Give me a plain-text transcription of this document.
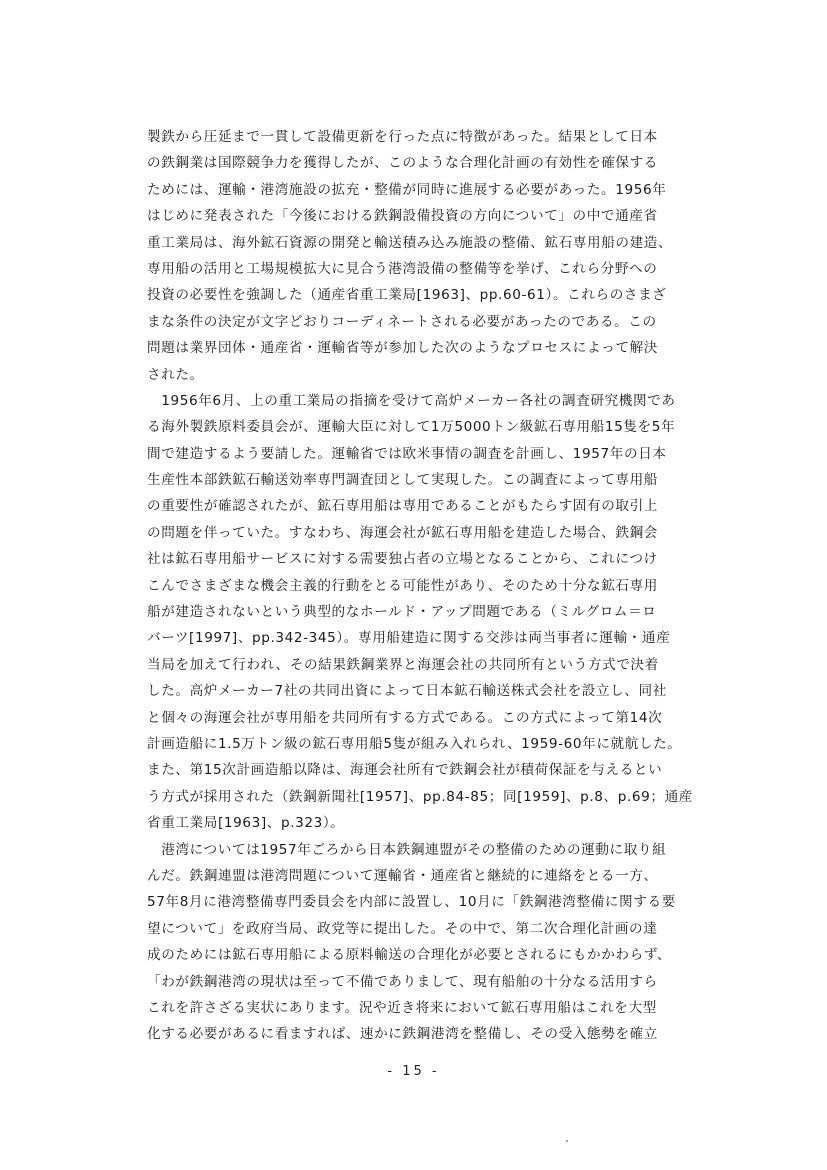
製鉄から圧延まで一貫して設備更新を行った点に特徴があった。結果として日本
の鉄鋼業は国際競争力を獲得したが、このような合理化計画の有効性を確保する
ためには、運輸・港湾施設の拡充・整備が同時に進展する必要があった。1956年
はじめに発表された「今後における鉄鋼設備投資の方向について」の中で通産省
重工業局は、海外鉱石資源の開発と輸送積み込み施設の整備、鉱石専用船の建造、
専用船の活用と工場規模拡大に見合う港湾設備の整備等を挙げ、これら分野への
投資の必要性を強調した（通産省重工業局[1963]、pp.60-61）。これらのさまざ
まな条件の決定が文字どおりコーディネートされる必要があったのである。この
問題は業界団体・通産省・運輸省等が参加した次のようなプロセスによって解決
された。
　1956年6月、上の重工業局の指摘を受けて高炉メーカー各社の調査研究機関であ
る海外製鉄原料委員会が、運輸大臣に対して1万5000トン級鉱石専用船15隻を5年
間で建造するよう要請した。運輸省では欧米事情の調査を計画し、1957年の日本
生産性本部鉄鉱石輸送効率専門調査団として実現した。この調査によって専用船
の重要性が確認されたが、鉱石専用船は専用であることがもたらす固有の取引上
の問題を伴っていた。すなわち、海運会社が鉱石専用船を建造した場合、鉄鋼会
社は鉱石専用船サービスに対する需要独占者の立場となることから、これにつけ
こんでさまざまな機会主義的行動をとる可能性があり、そのため十分な鉱石専用
船が建造されないという典型的なホールド・アップ問題である（ミルグロム＝ロ
バーツ[1997]、pp.342-345）。専用船建造に関する交渉は両当事者に運輸・通産
当局を加えて行われ、その結果鉄鋼業界と海運会社の共同所有という方式で決着
した。高炉メーカー7社の共同出資によって日本鉱石輸送株式会社を設立し、同社
と個々の海運会社が専用船を共同所有する方式である。この方式によって第14次
計画造船に1.5万トン級の鉱石専用船5隻が組み入れられ、1959-60年に就航した。
また、第15次計画造船以降は、海運会社所有で鉄鋼会社が積荷保証を与えるとい
う方式が採用された（鉄鋼新聞社[1957]、pp.84-85；同[1959]、p.8、p.69；通産
省重工業局[1963]、p.323）。
　港湾については1957年ごろから日本鉄鋼連盟がその整備のための運動に取り組
んだ。鉄鋼連盟は港湾問題について運輸省・通産省と継続的に連絡をとる一方、
57年8月に港湾整備専門委員会を内部に設置し、10月に「鉄鋼港湾整備に関する要
望について」を政府当局、政党等に提出した。その中で、第二次合理化計画の達
成のためには鉱石専用船による原料輸送の合理化が必要とされるにもかかわらず、
「わが鉄鋼港湾の現状は至って不備でありまして、現有船舶の十分なる活用すら
これを許さざる実状にあります。況や近き将来において鉱石専用船はこれを大型
化する必要があるに看ますれば、速かに鉄鋼港湾を整備し、その受入態勢を確立
- 15 -
